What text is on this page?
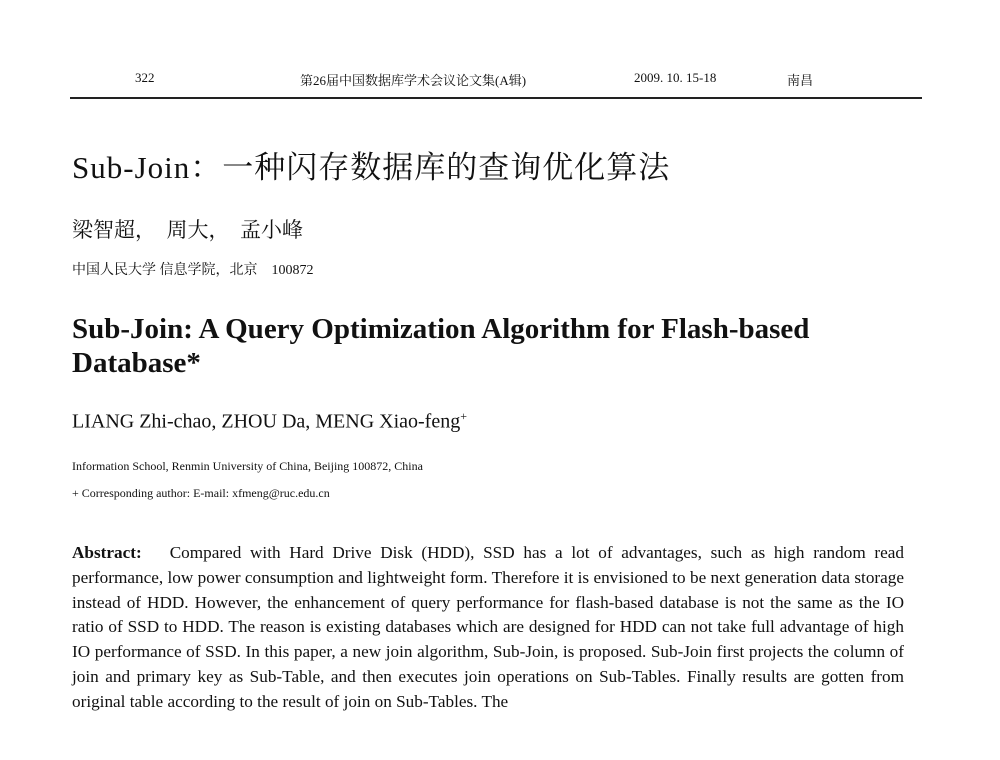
322	第26届中国数据库学术会议论文集(A辑)	2009. 10. 15-18	南昌
Sub-Join：一种闪存数据库的查询优化算法
梁智超，　周大，　孟小峰
中国人民大学 信息学院，北京　100872
Sub-Join: A Query Optimization Algorithm for Flash-based Database*
LIANG Zhi-chao, ZHOU Da, MENG Xiao-feng+
Information School, Renmin University of China, Beijing 100872, China
+ Corresponding author: E-mail: xfmeng@ruc.edu.cn
Abstract: Compared with Hard Drive Disk (HDD), SSD has a lot of advantages, such as high random read performance, low power consumption and lightweight form. Therefore it is envisioned to be next generation data storage instead of HDD. However, the enhancement of query performance for flash-based database is not the same as the IO ratio of SSD to HDD. The reason is existing databases which are designed for HDD can not take full advantage of high IO performance of SSD. In this paper, a new join algorithm, Sub-Join, is proposed. Sub-Join first projects the column of join and primary key as Sub-Table, and then executes join operations on Sub-Tables. Finally results are gotten from original table according to the result of join on Sub-Tables. The
